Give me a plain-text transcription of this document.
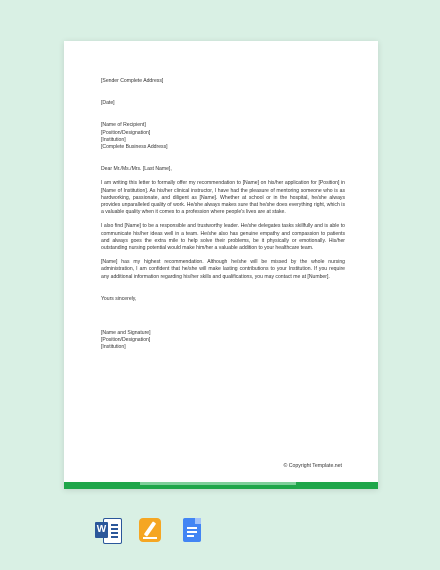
[Sender Complete Address]

[Date]

[Name of Recipient]

[Position/Designation]

[Institution]

[Complete Business Address]

Dear Mr./Ms./Mrs. [Last Name],

I am writing this letter to formally offer my recommendation to [Name] on his/her application for [Position] in [Name of Institution]. As his/her clinical instructor, I have had the pleasure of mentoring someone who is as hardworking, passionate, and diligent as [Name]. Whether at school or in the hospital, he/she always provides unparalleled quality of work. He/she always makes sure that he/she does everything right, which is a valuable quality when it comes to a profession where people's lives are at stake.

I also find [Name] to be a responsible and trustworthy leader. He/she delegates tasks skillfully and is able to communicate his/her ideas well in a team. He/she also has genuine empathy and compassion to patients and always goes the extra mile to help solve their problems, be it physically or emotionally. His/her outstanding nursing potential would make him/her a valuable addition to your healthcare team.

[Name] has my highest recommendation. Although he/she will be missed by the whole nursing administration, I am confident that he/she will make lasting contributions to your Institution. If you require any additional information regarding his/her skills and qualifications, you may contact me at [Number].

Yours sincerely,

[Name and Signature]

[Position/Designation]

[Institution]

© Copyright Template.net
W
